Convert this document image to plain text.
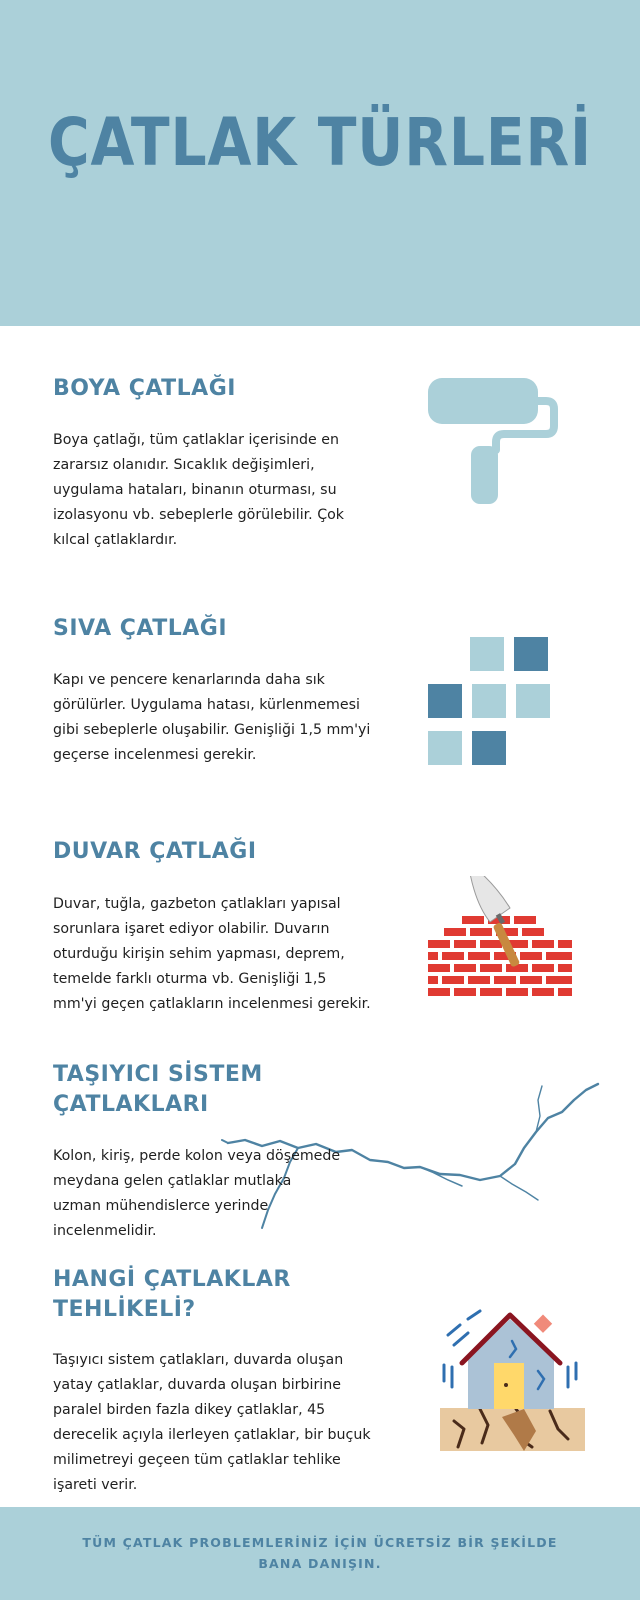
ÇATLAK TÜRLERİ
BOYA ÇATLAĞI
Boya çatlağı, tüm çatlaklar içerisinde en zararsız olanıdır. Sıcaklık değişimleri, uygulama hataları, binanın oturması, su izolasyonu vb. sebeplerle görülebilir. Çok kılcal çatlaklardır.
SIVA ÇATLAĞI
Kapı ve pencere kenarlarında daha sık görülürler. Uygulama hatası, kürlenmemesi gibi sebeplerle oluşabilir. Genişliği 1,5 mm'yi geçerse incelenmesi gerekir.
DUVAR ÇATLAĞI
Duvar, tuğla, gazbeton çatlakları yapısal sorunlara işaret ediyor olabilir. Duvarın oturduğu kirişin sehim yapması, deprem, temelde farklı oturma vb. Genişliği 1,5 mm'yi geçen çatlakların incelenmesi gerekir.
TAŞIYICI SİSTEM ÇATLAKLARI
Kolon, kiriş, perde kolon veya döşemede meydana gelen çatlaklar mutlaka uzman mühendislerce yerinde incelenmelidir.
HANGİ ÇATLAKLAR TEHLİKELİ?
Taşıyıcı sistem çatlakları, duvarda oluşan yatay çatlaklar, duvarda oluşan birbirine paralel birden fazla dikey çatlaklar, 45 derecelik açıyla ilerleyen çatlaklar, bir buçuk milimetreyi geçeen tüm çatlaklar tehlike işareti verir.
TÜM ÇATLAK PROBLEMLERİNİZ İÇİN ÜCRETSİZ BİR ŞEKİLDE BANA DANIŞIN.
